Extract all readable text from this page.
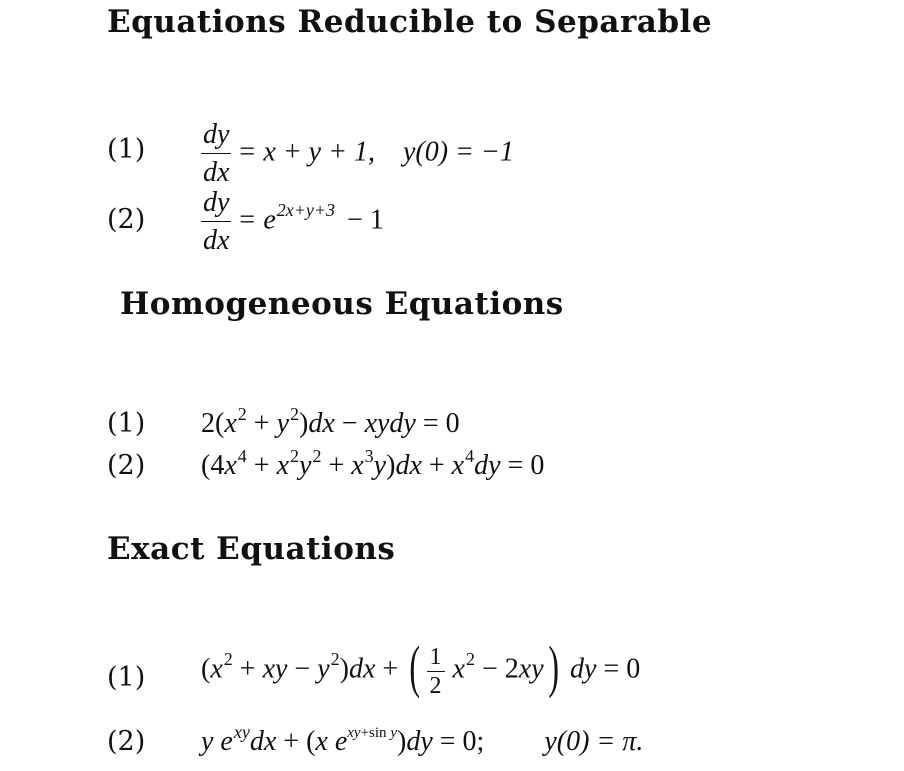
Equations Reducible to Separable
$(1) \frac{dy}{dx} = x + y + 1$, y(0) = −1
$(2) \frac{dy}{dx} = e^{2x+y+3} - 1$
Homogeneous Equations
(1) $2(x^2 + y^2)dx$ − xydy = 0
(2) $(4x^4 + x^2y^2 + x^3y)dx + x^4dy = 0$
Exact Equations
(1) ($x^2$ + xy − $y^2)dx$ + ( $\frac{1}{2} x^2 - 2xy$) dy = 0
(2) y $e^{xy}dx + (x$ $e^{xy+sin}$ $^y$)dy = 0; y(0) = π.
